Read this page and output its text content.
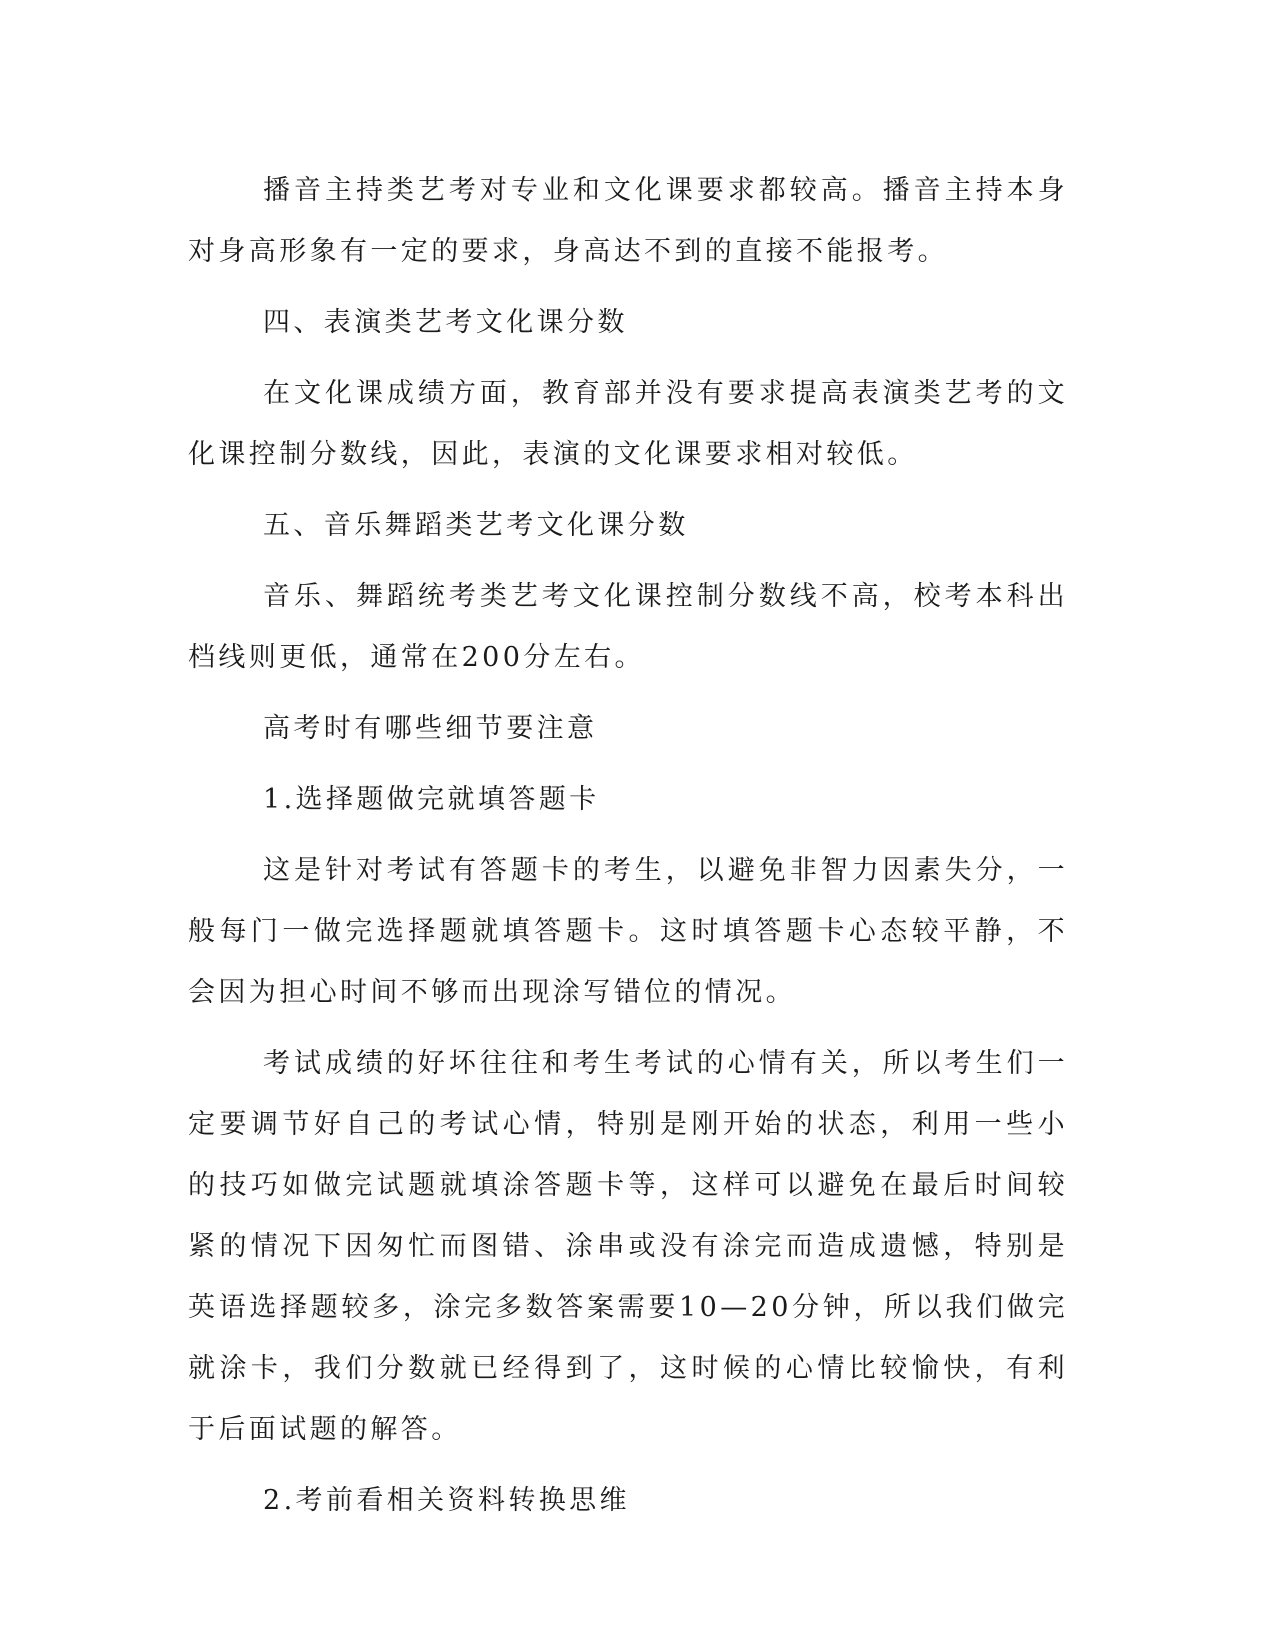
播音主持类艺考对专业和文化课要求都较高。播音主持本身对身高形象有一定的要求，身高达不到的直接不能报考。

四、表演类艺考文化课分数

在文化课成绩方面，教育部并没有要求提高表演类艺考的文化课控制分数线，因此，表演的文化课要求相对较低。

五、音乐舞蹈类艺考文化课分数

音乐、舞蹈统考类艺考文化课控制分数线不高，校考本科出档线则更低，通常在200分左右。

高考时有哪些细节要注意

1.选择题做完就填答题卡

这是针对考试有答题卡的考生，以避免非智力因素失分，一般每门一做完选择题就填答题卡。这时填答题卡心态较平静，不会因为担心时间不够而出现涂写错位的情况。

考试成绩的好坏往往和考生考试的心情有关，所以考生们一定要调节好自己的考试心情，特别是刚开始的状态，利用一些小的技巧如做完试题就填涂答题卡等，这样可以避免在最后时间较紧的情况下因匆忙而图错、涂串或没有涂完而造成遗憾，特别是英语选择题较多，涂完多数答案需要10—20分钟，所以我们做完就涂卡，我们分数就已经得到了，这时候的心情比较愉快，有利于后面试题的解答。

2.考前看相关资料转换思维
